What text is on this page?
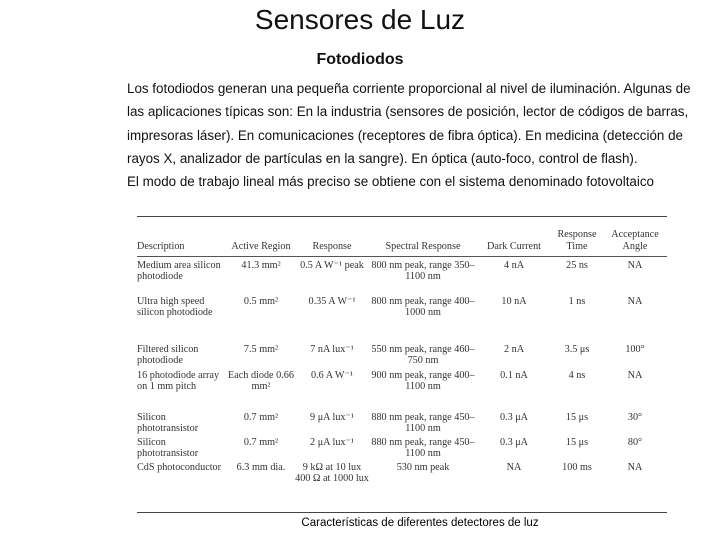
Sensores de Luz
Fotodiodos

Los fotodiodos generan una pequeña corriente proporcional al nivel de iluminación. Algunas de las aplicaciones típicas son: En la industria (sensores de posición, lector de códigos de barras, impresoras láser). En comunicaciones (receptores de fibra óptica). En medicina (detección de rayos X, analizador de partículas en la sangre). En óptica (auto-foco, control de flash).

El modo de trabajo lineal más preciso se obtiene con el sistema denominado fotovoltaico

Description	Active Region	Response	Spectral Response	Dark Current	Response Time	Acceptance Angle

Medium area silicon photodiode	41.3 mm²	0.5 A W⁻¹ peak	800 nm peak, range 350–1100 nm	4 nA	25 ns	NA
Ultra high speed silicon photodiode	0.5 mm²	0.35 A W⁻¹	800 nm peak, range 400–1000 nm	10 nA	1 ns	NA
Filtered silicon photodiode	7.5 mm²	7 nA lux⁻¹	550 nm peak, range 460–750 nm	2 nA	3.5 μs	100°
16 photodiode array on 1 mm pitch	Each diode 0.66 mm²	0.6 A W⁻¹	900 nm peak, range 400–1100 nm	0.1 nA	4 ns	NA
Silicon phototransistor	0.7 mm²	9 μA lux⁻¹	880 nm peak, range 450–1100 nm	0.3 μA	15 μs	30°
Silicon phototransistor	0.7 mm²	2 μA lux⁻¹	880 nm peak, range 450–1100 nm	0.3 μA	15 μs	80°
CdS photoconductor	6.3 mm dia.	9 kΩ at 10 lux 400 Ω at 1000 lux	530 nm peak	NA	100 ms	NA
Características de diferentes detectores de luz
